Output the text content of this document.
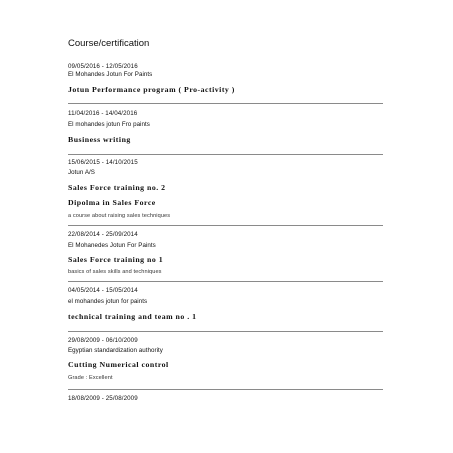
Course/certification
09/05/2016 - 12/05/2016
El Mohandes Jotun For Paints
Jotun Performance program ( Pro-activity )
11/04/2016 - 14/04/2016
El mohandes jotun Fro paints
Business writing
15/06/2015 - 14/10/2015
Jotun A/S
Sales Force training no. 2
Dipolma in Sales Force
a course about raising sales techniques
22/08/2014 - 25/09/2014
El Mohanedes Jotun For Paints
Sales Force training no 1
basics of sales skills and techniques
04/05/2014 - 15/05/2014
el mohandes jotun for paints
technical training and team no . 1
29/08/2009 - 06/10/2009
Egyptian standardization authority
Cutting Numerical control
Grade : Excellent
18/08/2009 - 25/08/2009
